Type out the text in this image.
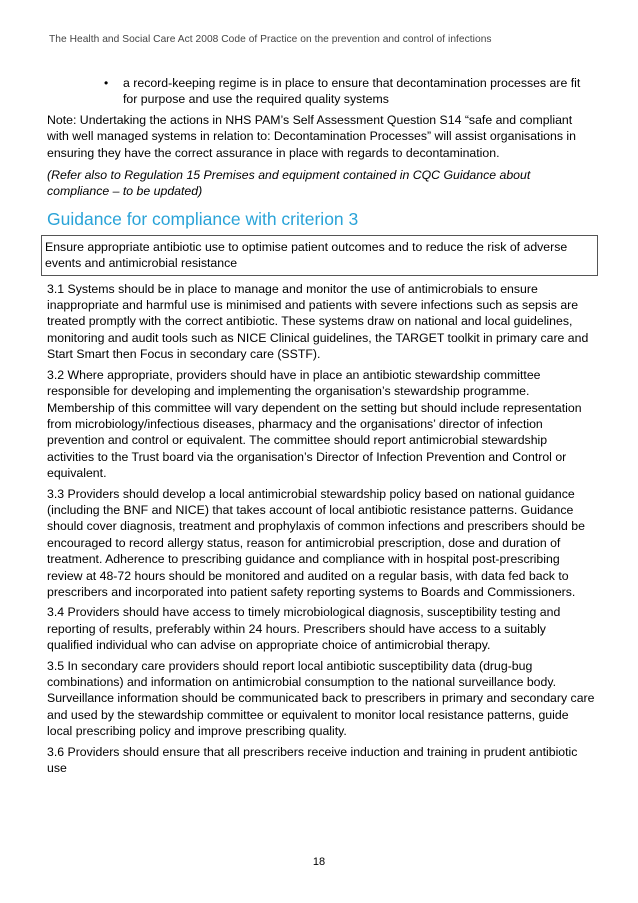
The Health and Social Care Act 2008 Code of Practice on the prevention and control of infections
• a record-keeping regime is in place to ensure that decontamination processes are fit for purpose and use the required quality systems

Note: Undertaking the actions in NHS PAM’s Self Assessment Question S14 “safe and compliant with well managed systems in relation to: Decontamination Processes” will assist organisations in ensuring they have the correct assurance in place with regards to decontamination.

(Refer also to Regulation 15 Premises and equipment contained in CQC Guidance about compliance – to be updated)

Guidance for compliance with criterion 3
Ensure appropriate antibiotic use to optimise patient outcomes and to reduce the risk of adverse events and antimicrobial resistance

3.1 Systems should be in place to manage and monitor the use of antimicrobials to ensure inappropriate and harmful use is minimised and patients with severe infections such as sepsis are treated promptly with the correct antibiotic. These systems draw on national and local guidelines, monitoring and audit tools such as NICE Clinical guidelines, the TARGET toolkit in primary care and Start Smart then Focus in secondary care (SSTF).

3.2 Where appropriate, providers should have in place an antibiotic stewardship committee responsible for developing and implementing the organisation’s stewardship programme. Membership of this committee will vary dependent on the setting but should include representation from microbiology/infectious diseases, pharmacy and the organisations’ director of infection prevention and control or equivalent. The committee should report antimicrobial stewardship activities to the Trust board via the organisation’s Director of Infection Prevention and Control or equivalent.

3.3 Providers should develop a local antimicrobial stewardship policy based on national guidance (including the BNF and NICE) that takes account of local antibiotic resistance patterns. Guidance should cover diagnosis, treatment and prophylaxis of common infections and prescribers should be encouraged to record allergy status, reason for antimicrobial prescription, dose and duration of treatment. Adherence to prescribing guidance and compliance with in hospital post-prescribing review at 48-72 hours should be monitored and audited on a regular basis, with data fed back to prescribers and incorporated into patient safety reporting systems to Boards and Commissioners.

3.4 Providers should have access to timely microbiological diagnosis, susceptibility testing and reporting of results, preferably within 24 hours. Prescribers should have access to a suitably qualified individual who can advise on appropriate choice of antimicrobial therapy.

3.5 In secondary care providers should report local antibiotic susceptibility data (drug-bug combinations) and information on antimicrobial consumption to the national surveillance body. Surveillance information should be communicated back to prescribers in primary and secondary care and used by the stewardship committee or equivalent to monitor local resistance patterns, guide local prescribing policy and improve prescribing quality.

3.6 Providers should ensure that all prescribers receive induction and training in prudent antibiotic use

18
